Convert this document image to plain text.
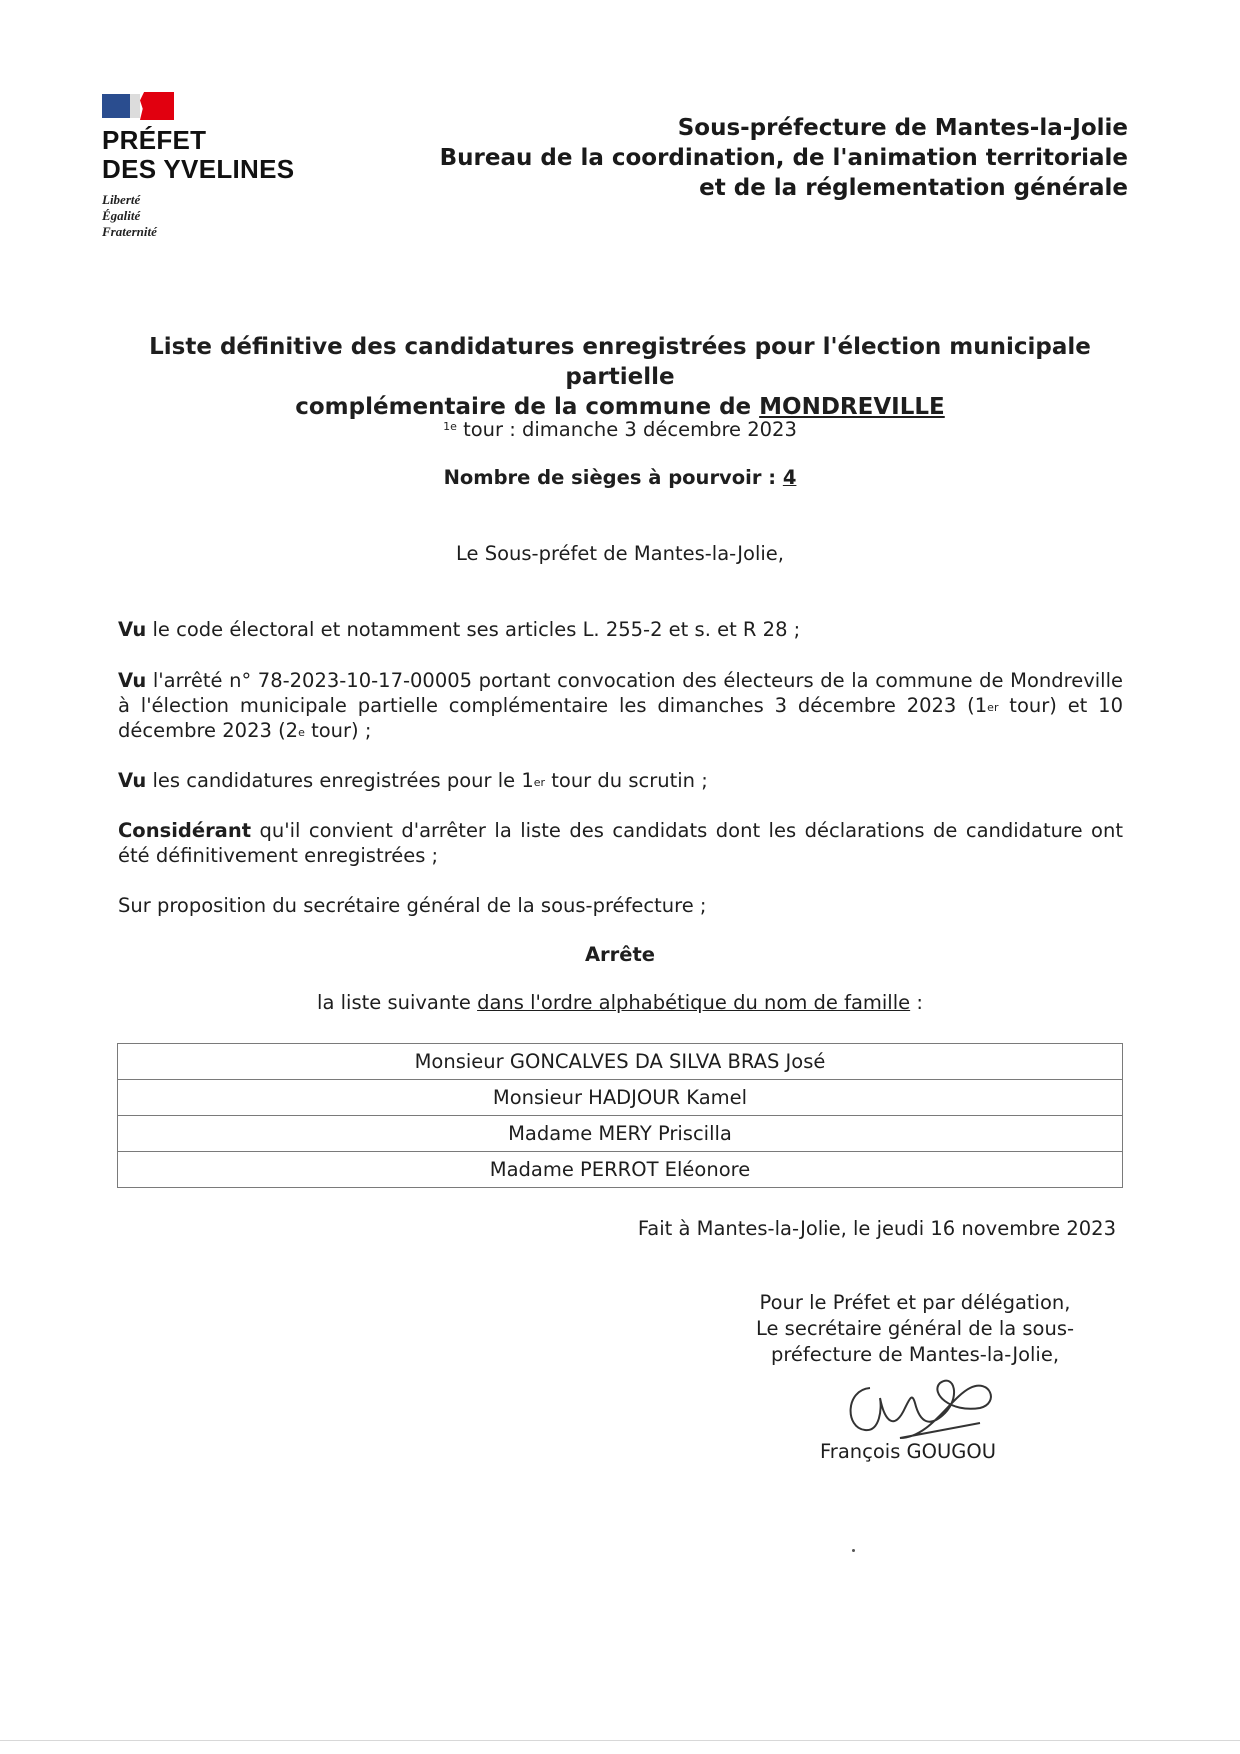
PRÉFET
DES YVELINES
Liberté
Égalité
Fraternité
Sous-préfecture de Mantes-la-Jolie
Bureau de la coordination, de l'animation territoriale
et de la réglementation générale
Liste définitive des candidatures enregistrées pour l'élection municipale partielle
complémentaire de la commune de MONDREVILLE
$^{1e}$ tour : dimanche 3 décembre 2023
Nombre de sièges à pourvoir : 4
Le Sous-préfet de Mantes-la-Jolie,
Vu le code électoral et notamment ses articles L. 255-2 et s. et R 28 ;
Vu l'arrêté n° 78-2023-10-17-00005 portant convocation des électeurs de la commune de Mondreville à l'élection municipale partielle complémentaire les dimanches 3 décembre 2023 (1er tour) et 10 décembre 2023 (2e tour) ;
Vu les candidatures enregistrées pour le 1er tour du scrutin ;
Considérant qu'il convient d'arrêter la liste des candidats dont les déclarations de candidature ont été définitivement enregistrées ;
Sur proposition du secrétaire général de la sous-préfecture ;
Arrête
la liste suivante dans l'ordre alphabétique du nom de famille :
Monsieur GONCALVES DA SILVA BRAS José
Monsieur HADJOUR Kamel
Madame MERY Priscilla
Madame PERROT Eléonore
Fait à Mantes-la-Jolie, le jeudi 16 novembre 2023
Pour le Préfet et par délégation,
Le secrétaire général de la sous-
préfecture de Mantes-la-Jolie,
François GOUGOU
